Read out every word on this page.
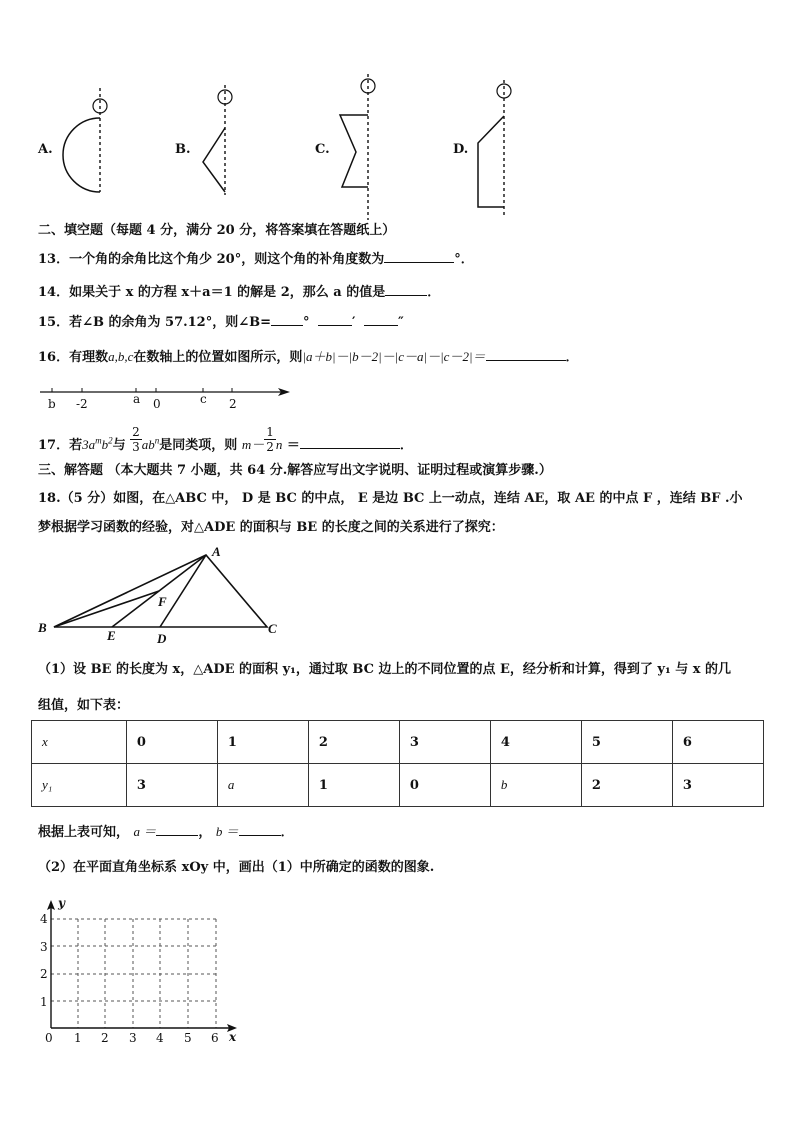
A.	B.	C.	D.
二、填空题（每题 4 分，满分 20 分，将答案填在答题纸上）
13．一个角的余角比这个角少 20°，则这个角的补角度数为	°．
14．如果关于 x 的方程 x＋a＝1 的解是 2，那么 a 的值是	．
15．若∠B 的余角为 57.12°，则∠B= °	′	″
16．有理数a,b,c在数轴上的位置如图所示，则|a＋b|－|b－2|－|c－a|－|c－2|＝	．
b -2	a 0	c 2
17．若$3a^mb^2$与 $\frac{2}{3} ab^n$是同类项，则 $m- \frac{1}{2}$ n ＝	．
三、解答题 （本大题共 7 小题，共 64 分.解答应写出文字说明、证明过程或演算步骤.）
18.（5 分）如图，在△ABC 中， D 是 BC 的中点， E 是边 BC 上一动点，连结 AE，取 AE 的中点 F ，连结 BF .小
梦根据学习函数的经验，对△ADE 的面积与 BE 的长度之间的关系进行了探究：
A
B	C
D
E
F
（1）设 BE 的长度为 x，△ADE 的面积 y₁，通过取 BC 边上的不同位置的点 E，经分析和计算，得到了 y₁ 与 x 的几
组值，如下表：
x	0	1	2	3	4	5	6
y₁	3	a	1	0	b	2	3
根据上表可知， a ＝	， b ＝	．
（2）在平面直角坐标系 xOy 中，画出（1）中所确定的函数的图象.
y
x
4
3
2
1
0 1 2 3 4 5 6
